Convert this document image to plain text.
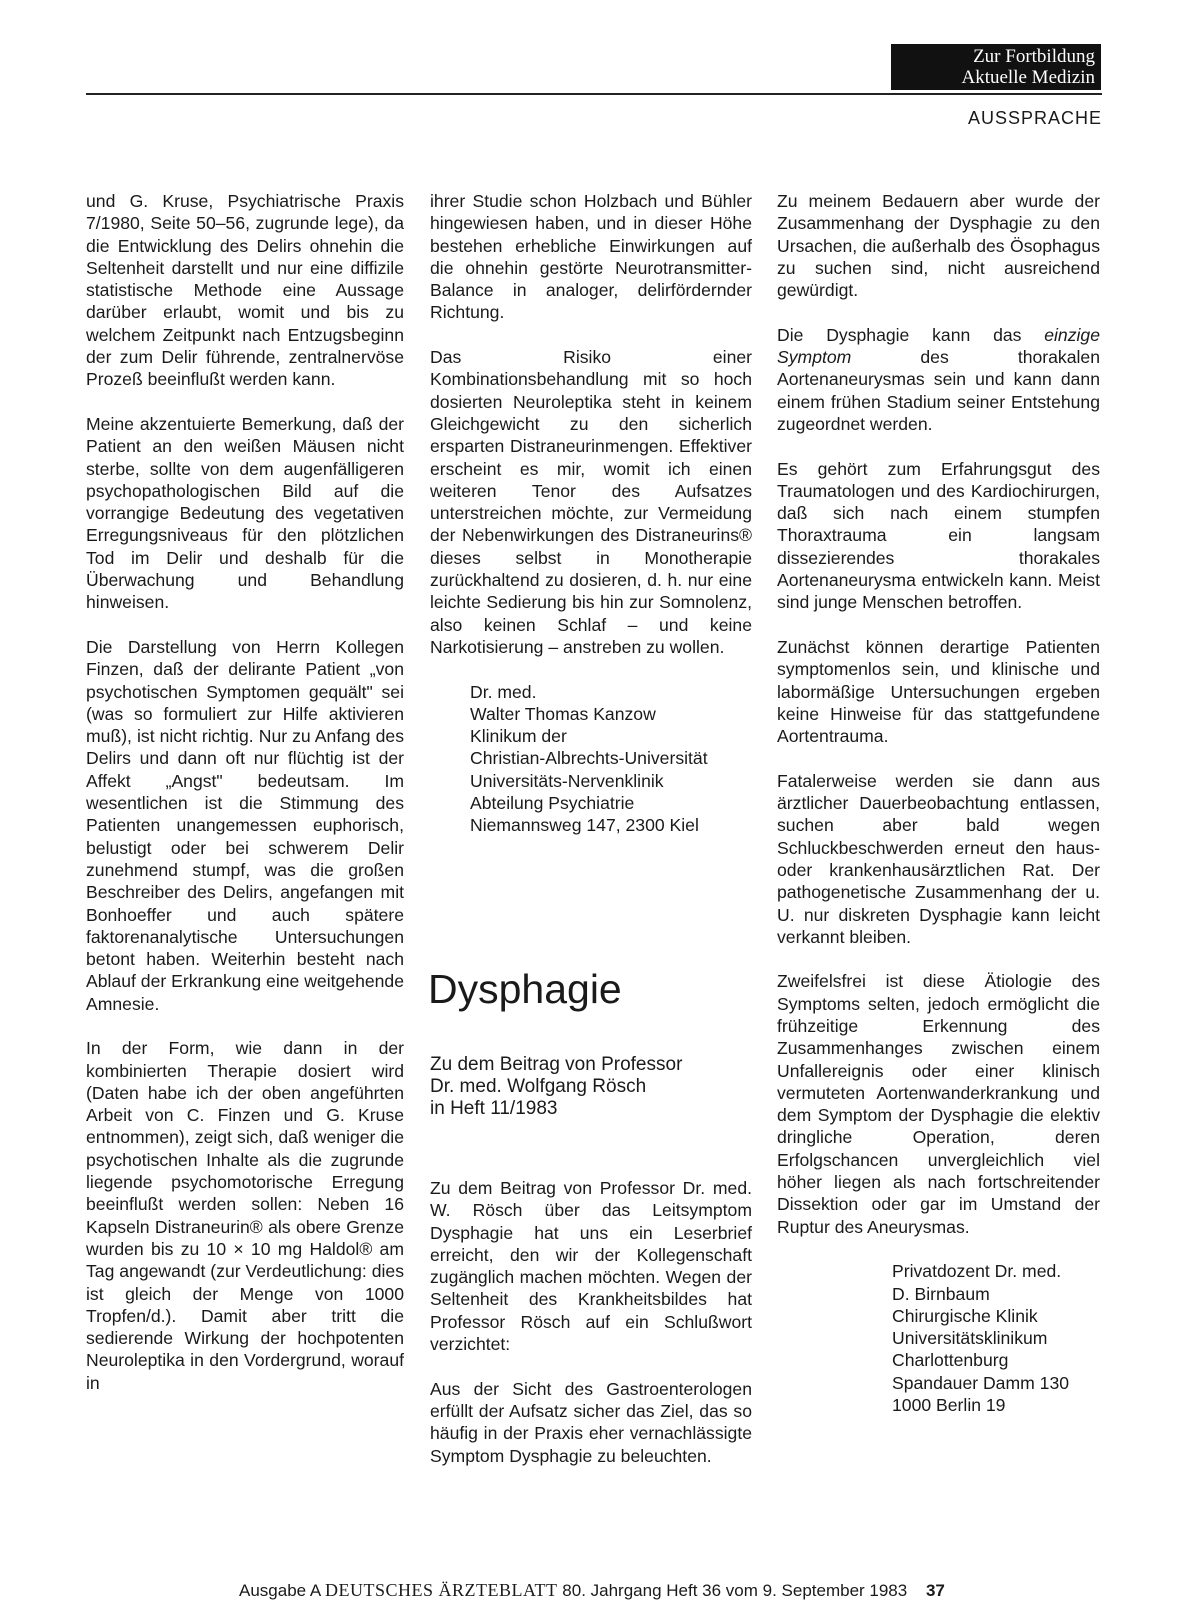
Zur Fortbildung
Aktuelle Medizin
AUSSPRACHE

und G. Kruse, Psychiatrische Praxis 7/1980, Seite 50–56, zugrunde lege), da die Entwicklung des Delirs ohnehin die Seltenheit darstellt und nur eine diffizile statistische Methode eine Aussage darüber erlaubt, womit und bis zu welchem Zeitpunkt nach Entzugsbeginn der zum Delir führende, zentralnervöse Prozeß beeinflußt werden kann.

Meine akzentuierte Bemerkung, daß der Patient an den weißen Mäusen nicht sterbe, sollte von dem augenfälligeren psychopathologischen Bild auf die vorrangige Bedeutung des vegetativen Erregungsniveaus für den plötzlichen Tod im Delir und deshalb für die Überwachung und Behandlung hinweisen.

Die Darstellung von Herrn Kollegen Finzen, daß der delirante Patient „von psychotischen Symptomen gequält" sei (was so formuliert zur Hilfe aktivieren muß), ist nicht richtig. Nur zu Anfang des Delirs und dann oft nur flüchtig ist der Affekt „Angst" bedeutsam. Im wesentlichen ist die Stimmung des Patienten unangemessen euphorisch, belustigt oder bei schwerem Delir zunehmend stumpf, was die großen Beschreiber des Delirs, angefangen mit Bonhoeffer und auch spätere faktorenanalytische Untersuchungen betont haben. Weiterhin besteht nach Ablauf der Erkrankung eine weitgehende Amnesie.

In der Form, wie dann in der kombinierten Therapie dosiert wird (Daten habe ich der oben angeführten Arbeit von C. Finzen und G. Kruse entnommen), zeigt sich, daß weniger die psychotischen Inhalte als die zugrunde liegende psychomotorische Erregung beeinflußt werden sollen: Neben 16 Kapseln Distraneurin® als obere Grenze wurden bis zu 10 × 10 mg Haldol® am Tag angewandt (zur Verdeutlichung: dies ist gleich der Menge von 1000 Tropfen/d.). Damit aber tritt die sedierende Wirkung der hochpotenten Neuroleptika in den Vordergrund, worauf in

ihrer Studie schon Holzbach und Bühler hingewiesen haben, und in dieser Höhe bestehen erhebliche Einwirkungen auf die ohnehin gestörte Neurotransmitter-Balance in analoger, delirfördernder Richtung.

Das Risiko einer Kombinationsbehandlung mit so hoch dosierten Neuroleptika steht in keinem Gleichgewicht zu den sicherlich ersparten Distraneurinmengen. Effektiver erscheint es mir, womit ich einen weiteren Tenor des Aufsatzes unterstreichen möchte, zur Vermeidung der Nebenwirkungen des Distraneurins® dieses selbst in Monotherapie zurückhaltend zu dosieren, d. h. nur eine leichte Sedierung bis hin zur Somnolenz, also keinen Schlaf – und keine Narkotisierung – anstreben zu wollen.

Dr. med.
Walter Thomas Kanzow
Klinikum der
Christian-Albrechts-Universität
Universitäts-Nervenklinik
Abteilung Psychiatrie
Niemannsweg 147, 2300 Kiel
Dysphagie
Zu dem Beitrag von Professor
Dr. med. Wolfgang Rösch
in Heft 11/1983

Zu dem Beitrag von Professor Dr. med. W. Rösch über das Leitsymptom Dysphagie hat uns ein Leserbrief erreicht, den wir der Kollegenschaft zugänglich machen möchten. Wegen der Seltenheit des Krankheitsbildes hat Professor Rösch auf ein Schlußwort verzichtet:

Aus der Sicht des Gastroenterologen erfüllt der Aufsatz sicher das Ziel, das so häufig in der Praxis eher vernachlässigte Symptom Dysphagie zu beleuchten.

Zu meinem Bedauern aber wurde der Zusammenhang der Dysphagie zu den Ursachen, die außerhalb des Ösophagus zu suchen sind, nicht ausreichend gewürdigt.

Die Dysphagie kann das einzige Symptom des thorakalen Aortenaneurysmas sein und kann dann einem frühen Stadium seiner Entstehung zugeordnet werden.

Es gehört zum Erfahrungsgut des Traumatologen und des Kardiochirurgen, daß sich nach einem stumpfen Thoraxtrauma ein langsam dissezierendes thorakales Aortenaneurysma entwickeln kann. Meist sind junge Menschen betroffen.

Zunächst können derartige Patienten symptomenlos sein, und klinische und labormäßige Untersuchungen ergeben keine Hinweise für das stattgefundene Aortentrauma.

Fatalerweise werden sie dann aus ärztlicher Dauerbeobachtung entlassen, suchen aber bald wegen Schluckbeschwerden erneut den haus- oder krankenhausärztlichen Rat. Der pathogenetische Zusammenhang der u. U. nur diskreten Dysphagie kann leicht verkannt bleiben.

Zweifelsfrei ist diese Ätiologie des Symptoms selten, jedoch ermöglicht die frühzeitige Erkennung des Zusammenhanges zwischen einem Unfallereignis oder einer klinisch vermuteten Aortenwanderkrankung und dem Symptom der Dysphagie die elektiv dringliche Operation, deren Erfolgschancen unvergleichlich viel höher liegen als nach fortschreitender Dissektion oder gar im Umstand der Ruptur des Aneurysmas.

Privatdozent Dr. med.
D. Birnbaum
Chirurgische Klinik
Universitätsklinikum
Charlottenburg
Spandauer Damm 130
1000 Berlin 19
Ausgabe A DEUTSCHES ÄRZTEBLATT 80. Jahrgang Heft 36 vom 9. September 1983 37
